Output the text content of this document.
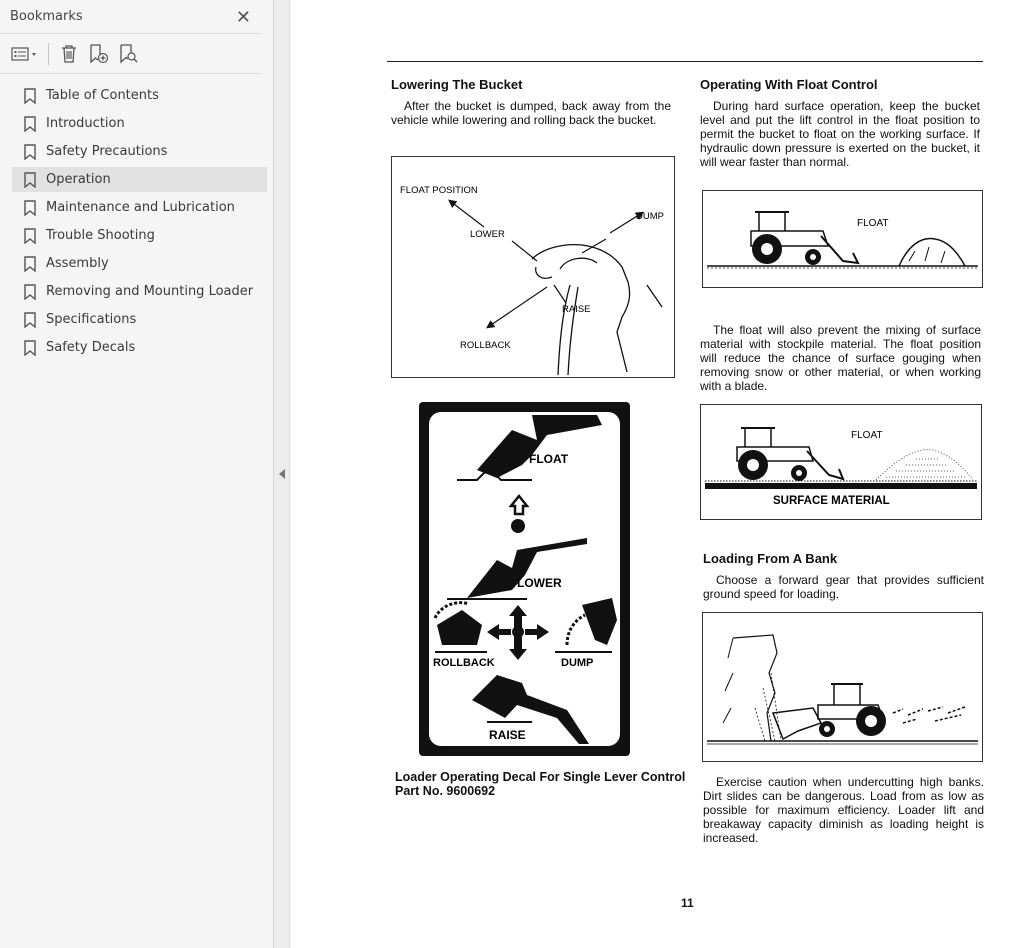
Bookmarks	✕
Table of Contents
Introduction
Safety Precautions
Operation
Maintenance and Lubrication
Trouble Shooting
Assembly
Removing and Mounting Loader
Specifications
Safety Decals
Lowering The Bucket
After the bucket is dumped, back away from the vehicle while lowering and rolling back the bucket.
FLOAT POSITION
DUMP
LOWER
RAISE
ROLLBACK
FLOAT
LOWER
ROLLBACK	DUMP
RAISE
Loader Operating Decal For Single Lever Control Part No. 9600692
Operating With Float Control
During hard surface operation, keep the bucket level and put the lift control in the float position to permit the bucket to float on the working surface. If hydraulic down pressure is exerted on the bucket, it will wear faster than normal.
FLOAT
The float will also prevent the mixing of surface material with stockpile material. The float position will reduce the chance of surface gouging when removing snow or other material, or when working with a blade.
FLOAT
SURFACE MATERIAL
Loading From A Bank
Choose a forward gear that provides sufficient ground speed for loading.
Exercise caution when undercutting high banks. Dirt slides can be dangerous. Load from as low as possible for maximum efficiency. Loader lift and breakaway capacity diminish as loading height is increased.
11
